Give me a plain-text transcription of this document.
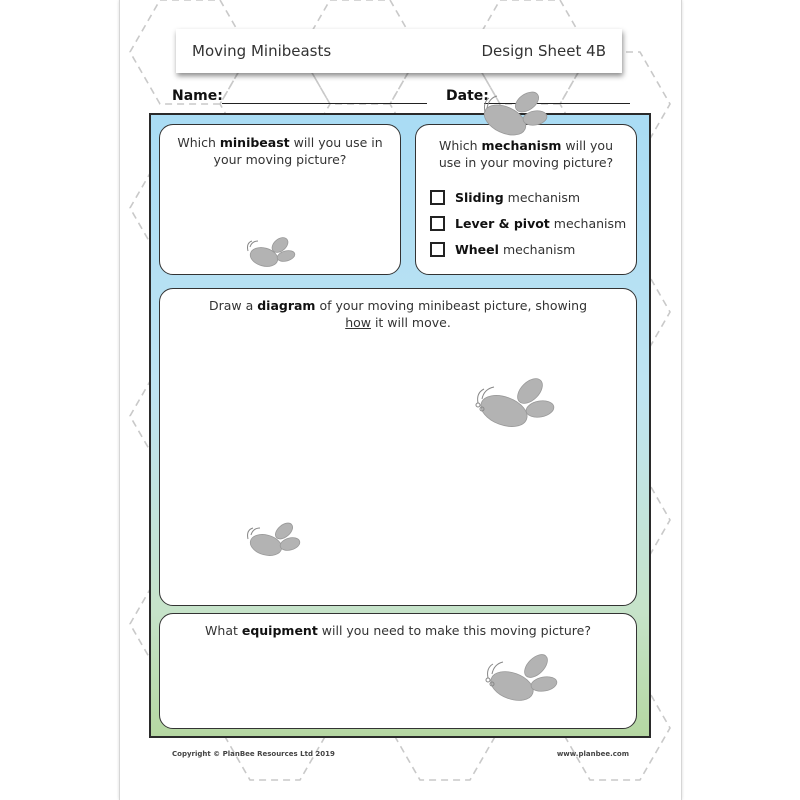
Moving Minibeasts	Design Sheet 4B
Name:	Date:
Which minibeast will you use in
your moving picture?
Which mechanism will you
use in your moving picture?
Sliding mechanism
Lever & pivot mechanism
Wheel mechanism
Draw a diagram of your moving minibeast picture, showing
how it will move.
What equipment will you need to make this moving picture?
Copyright © PlanBee Resources Ltd 2019	www.planbee.com
